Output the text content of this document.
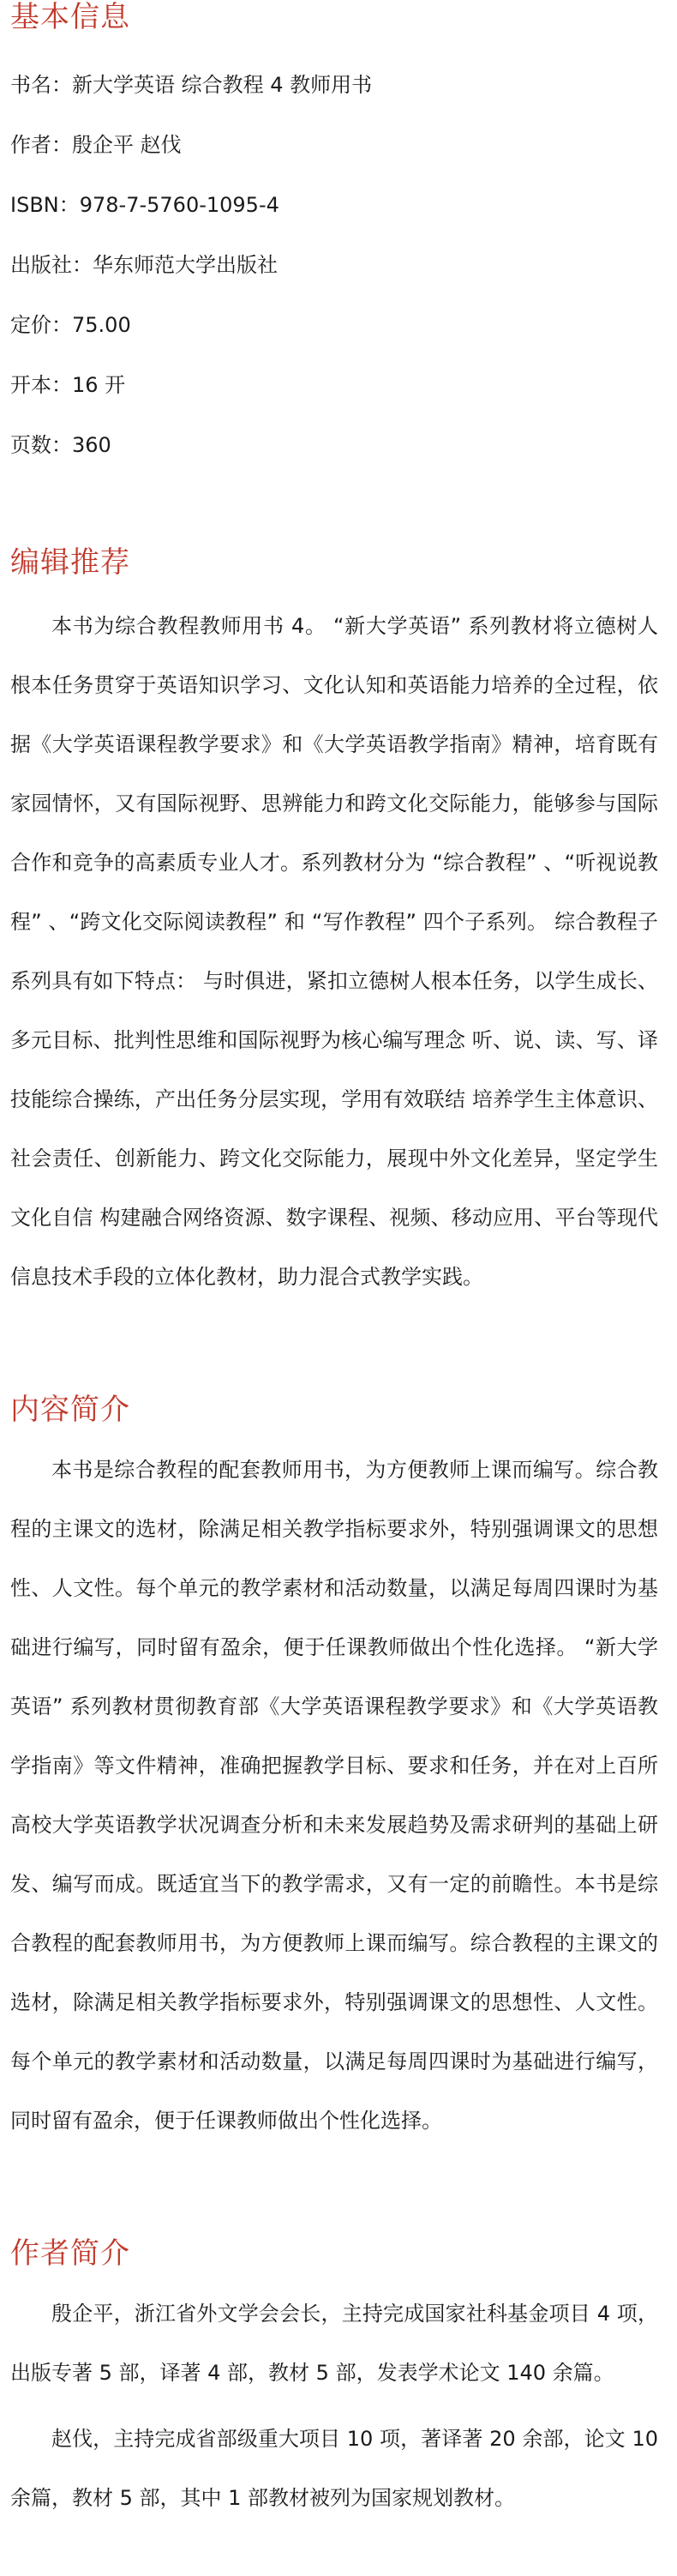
基本信息
书名：新大学英语 综合教程 4 教师用书
作者：殷企平 赵伐
ISBN：978-7-5760-1095-4
出版社：华东师范大学出版社
定价：75.00
开本：16 开
页数：360
编辑推荐

本书为综合教程教师用书 4。 “新大学英语” 系列教材将立德树人根本任务贯穿于英语知识学习、文化认知和英语能力培养的全过程，依据《大学英语课程教学要求》和《大学英语教学指南》精神，培育既有家园情怀，又有国际视野、思辨能力和跨文化交际能力，能够参与国际合作和竞争的高素质专业人才。系列教材分为 “综合教程” 、“听视说教程” 、“跨文化交际阅读教程” 和 “写作教程” 四个子系列。 综合教程子系列具有如下特点： 与时俱进，紧扣立德树人根本任务，以学生成长、多元目标、批判性思维和国际视野为核心编写理念 听、说、读、写、译技能综合操练，产出任务分层实现，学用有效联结 培养学生主体意识、社会责任、创新能力、跨文化交际能力，展现中外文化差异，坚定学生文化自信 构建融合网络资源、数字课程、视频、移动应用、平台等现代信息技术手段的立体化教材，助力混合式教学实践。

内容简介

本书是综合教程的配套教师用书，为方便教师上课而编写。综合教程的主课文的选材，除满足相关教学指标要求外，特别强调课文的思想性、人文性。每个单元的教学素材和活动数量，以满足每周四课时为基础进行编写，同时留有盈余，便于任课教师做出个性化选择。 “新大学英语” 系列教材贯彻教育部《大学英语课程教学要求》和《大学英语教学指南》等文件精神，准确把握教学目标、要求和任务，并在对上百所高校大学英语教学状况调查分析和未来发展趋势及需求研判的基础上研发、编写而成。既适宜当下的教学需求，又有一定的前瞻性。本书是综合教程的配套教师用书，为方便教师上课而编写。综合教程的主课文的选材，除满足相关教学指标要求外，特别强调课文的思想性、人文性。每个单元的教学素材和活动数量，以满足每周四课时为基础进行编写，同时留有盈余，便于任课教师做出个性化选择。

作者简介

殷企平，浙江省外文学会会长，主持完成国家社科基金项目 4 项，出版专著 5 部，译著 4 部，教材 5 部，发表学术论文 140 余篇。

赵伐，主持完成省部级重大项目 10 项，著译著 20 余部，论文 10 余篇，教材 5 部，其中 1 部教材被列为国家规划教材。
